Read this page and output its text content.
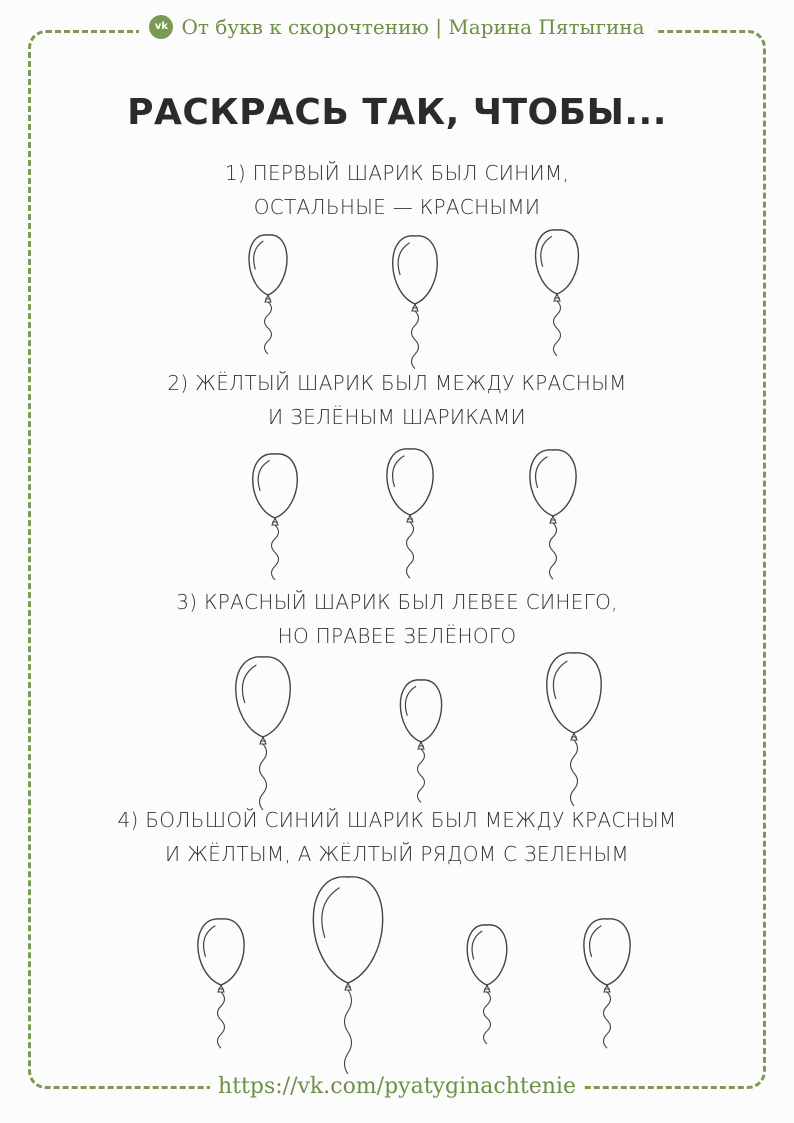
vk От букв к скорочтению | Марина Пятыгина
РАСКРАСЬ ТАК, ЧТОБЫ...
1) ПЕРВЫЙ ШАРИК БЫЛ СИНИМ,
ОСТАЛЬНЫЕ — КРАСНЫМИ
2) ЖЁЛТЫЙ ШАРИК БЫЛ МЕЖДУ КРАСНЫМ
И ЗЕЛЁНЫМ ШАРИКАМИ
3) КРАСНЫЙ ШАРИК БЫЛ ЛЕВЕЕ СИНЕГО,
НО ПРАВЕЕ ЗЕЛЁНОГО
4) БОЛЬШОЙ СИНИЙ ШАРИК БЫЛ МЕЖДУ КРАСНЫМ
И ЖЁЛТЫМ, А ЖЁЛТЫЙ РЯДОМ С ЗЕЛЕНЫМ
https://vk.com/pyatyginachtenie
